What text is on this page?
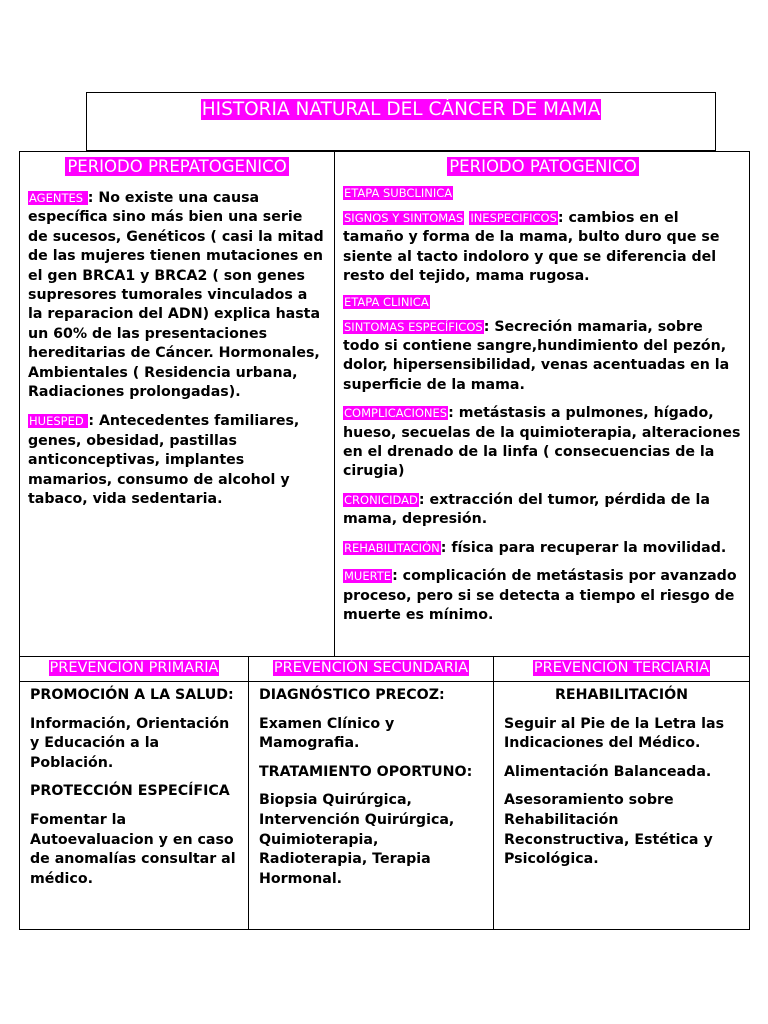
HISTORIA NATURAL DEL CÁNCER DE MAMA
PERIODO PREPATOGENICO
AGENTES : No existe una causa específica sino más bien una serie de sucesos, Genéticos ( casi la mitad de las mujeres tienen mutaciones en el gen BRCA1 y BRCA2 ( son genes supresores tumorales vinculados a la reparacion del ADN) explica hasta un 60% de las presentaciones hereditarias de Cáncer. Hormonales, Ambientales ( Residencia urbana, Radiaciones prolongadas).
HUESPED : Antecedentes familiares, genes, obesidad, pastillas anticonceptivas, implantes mamarios, consumo de alcohol y tabaco, vida sedentaria.
PERIODO PATOGENICO
ETAPA SUBCLINICA
SIGNOS Y SINTOMAS INESPECIFICOS: cambios en el tamaño y forma de la mama, bulto duro que se siente al tacto indoloro y que se diferencia del resto del tejido, mama rugosa.
ETAPA CLINICA
SINTOMAS ESPECÍFICOS: Secreción mamaria, sobre todo si contiene sangre,hundimiento del pezón, dolor, hipersensibilidad, venas acentuadas en la superficie de la mama.
COMPLICACIONES: metástasis a pulmones, hígado, hueso, secuelas de la quimioterapia, alteraciones en el drenado de la linfa ( consecuencias de la cirugia)
CRONICIDAD: extracción del tumor, pérdida de la mama, depresión.
REHABILITACIÓN: física para recuperar la movilidad.
MUERTE: complicación de metástasis por avanzado proceso, pero si se detecta a tiempo el riesgo de muerte es mínimo.
PREVENCIÓN PRIMARIA

PROMOCIÓN A LA SALUD:

Información, Orientación y Educación a la Población.

PROTECCIÓN ESPECÍFICA

Fomentar la Autoevaluacion y en caso de anomalías consultar al médico.

PREVENCIÓN SECUNDARIA

DIAGNÓSTICO PRECOZ:

Examen Clínico y Mamografia.

TRATAMIENTO OPORTUNO:

Biopsia Quirúrgica, Intervención Quirúrgica, Quimioterapia, Radioterapia, Terapia Hormonal.

PREVENCIÓN TERCIARIA

REHABILITACIÓN

Seguir al Pie de la Letra las Indicaciones del Médico.

Alimentación Balanceada.

Asesoramiento sobre Rehabilitación Reconstructiva, Estética y Psicológica.
